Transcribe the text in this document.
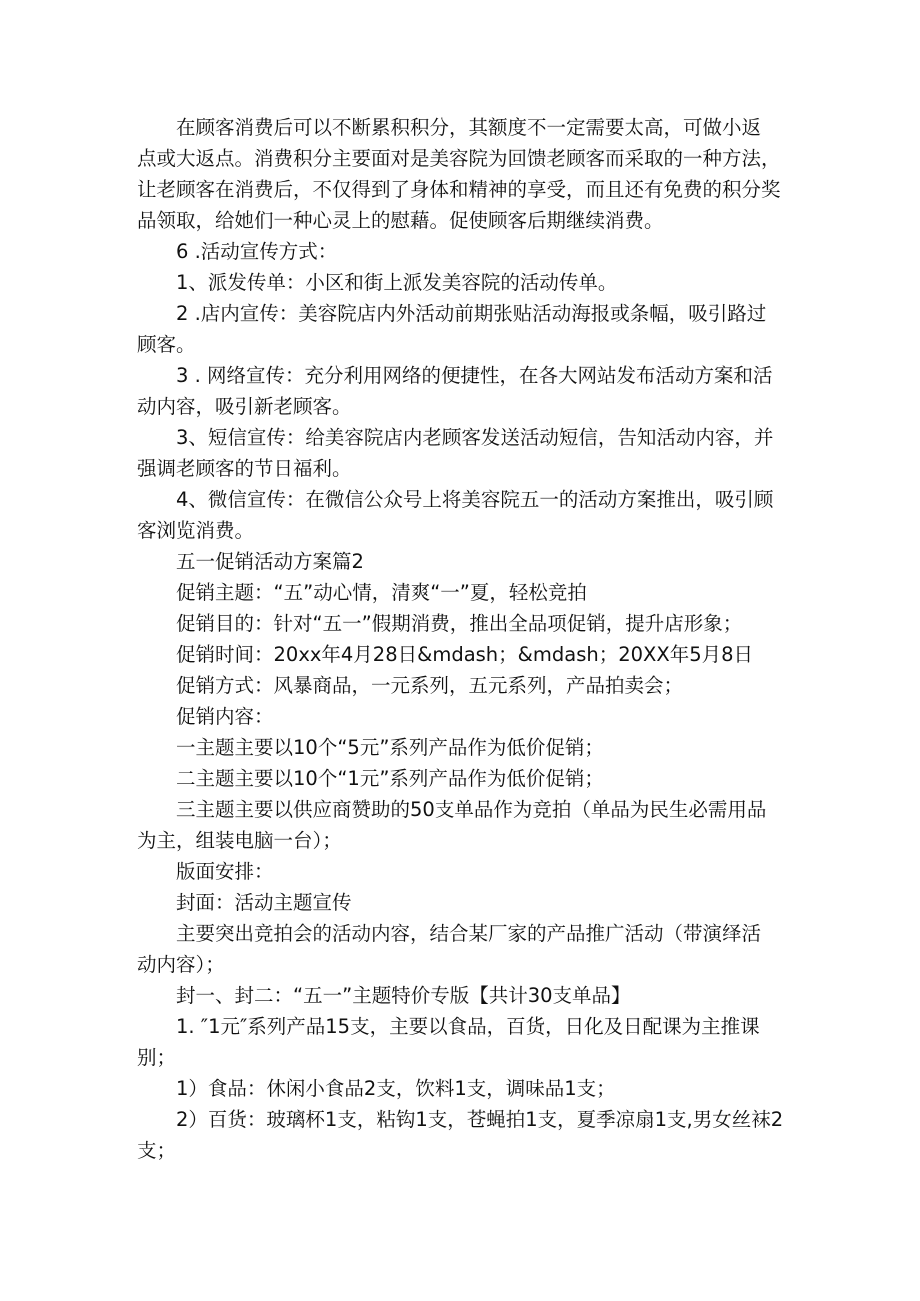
在顾客消费后可以不断累积积分，其额度不一定需要太高，可做小返

点或大返点。消费积分主要面对是美容院为回馈老顾客而采取的一种方法，

让老顾客在消费后，不仅得到了身体和精神的享受，而且还有免费的积分奖

品领取，给她们一种心灵上的慰藉。促使顾客后期继续消费。

6 .活动宣传方式：

1、派发传单：小区和街上派发美容院的活动传单。

2 .店内宣传：美容院店内外活动前期张贴活动海报或条幅，吸引路过

顾客。

3 . 网络宣传：充分利用网络的便捷性，在各大网站发布活动方案和活

动内容，吸引新老顾客。

3、短信宣传：给美容院店内老顾客发送活动短信，告知活动内容，并

强调老顾客的节日福利。

4、微信宣传：在微信公众号上将美容院五一的活动方案推出，吸引顾

客浏览消费。

五一促销活动方案篇2

促销主题：“五”动心情，清爽“一”夏，轻松竞拍

促销目的：针对“五一”假期消费，推出全品项促销，提升店形象；

促销时间：20xx年4月28日&mdash；&mdash；20XX年5月8日

促销方式：风暴商品，一元系列，五元系列，产品拍卖会；

促销内容：

一主题主要以10个“5元”系列产品作为低价促销；

二主题主要以10个“1元”系列产品作为低价促销；

三主题主要以供应商赞助的50支单品作为竞拍（单品为民生必需用品

为主，组装电脑一台）；

版面安排：

封面：活动主题宣传

主要突出竞拍会的活动内容，结合某厂家的产品推广活动（带演绎活

动内容）；

封一、封二：“五一”主题特价专版【共计30支单品】

1. ″1元″系列产品15支，主要以食品，百货，日化及日配课为主推课

别；

1）食品：休闲小食品2支，饮料1支，调味品1支；

2）百货：玻璃杯1支，粘钩1支，苍蝇拍1支，夏季凉扇1支,男女丝袜2

支；
